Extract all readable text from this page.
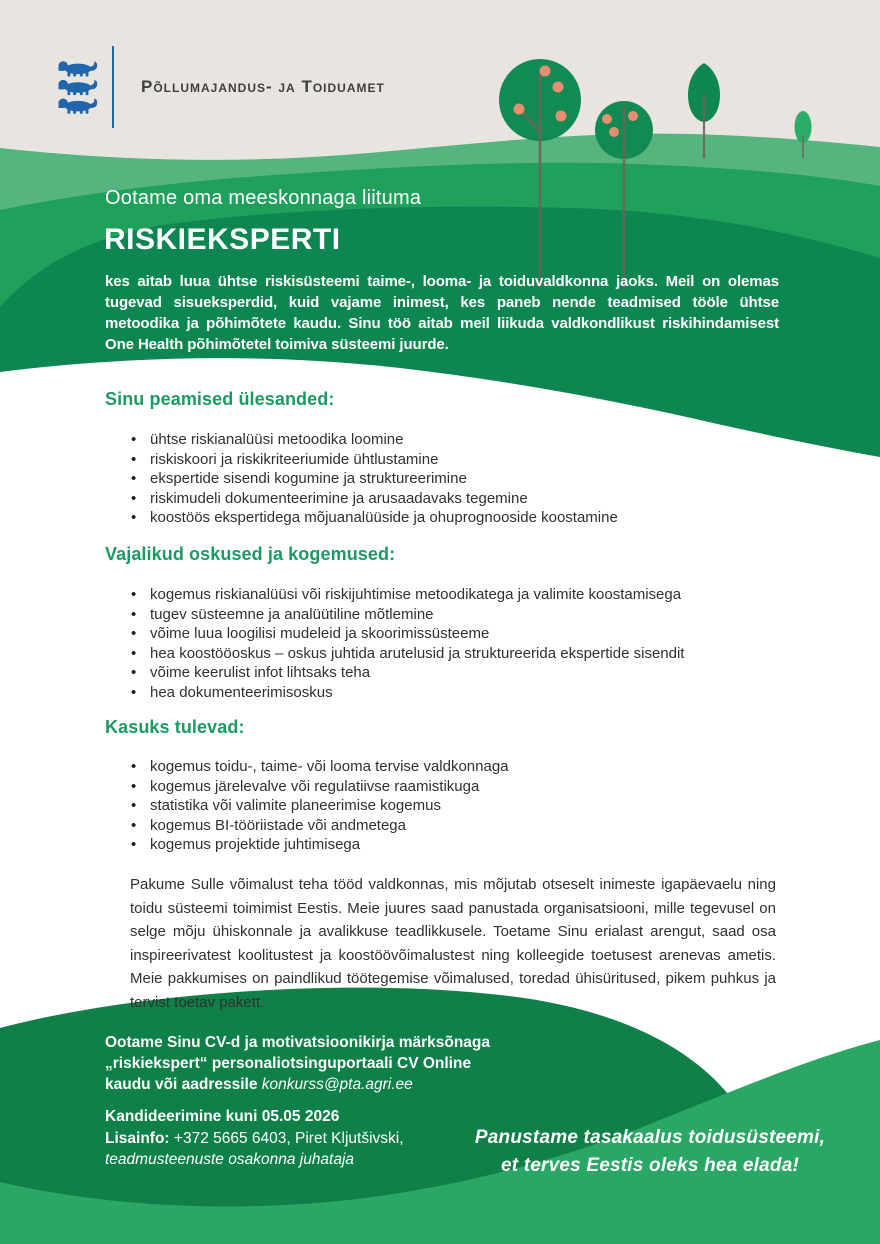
Põllumajandus- ja Toiduamet
Ootame oma meeskonnaga liituma
RISKIEKSPERTI
kes aitab luua ühtse riskisüsteemi taime-, looma- ja toiduvaldkonna jaoks. Meil on olemas tugevad sisueksperdid, kuid vajame inimest, kes paneb nende teadmised tööle ühtse metoodika ja põhimõtete kaudu. Sinu töö aitab meil liikuda valdkondlikust riskihindamisest One Health põhimõtetel toimiva süsteemi juurde.
Sinu peamised ülesanded:
• ühtse riskianalüüsi metoodika loomine
• riskiskoori ja riskikriteeriumide ühtlustamine
• ekspertide sisendi kogumine ja struktureerimine
• riskimudeli dokumenteerimine ja arusaadavaks tegemine
• koostöös ekspertidega mõjuanalüüside ja ohuprognooside koostamine
Vajalikud oskused ja kogemused:
• kogemus riskianalüüsi või riskijuhtimise metoodikatega ja valimite koostamisega
• tugev süsteemne ja analüütiline mõtlemine
• võime luua loogilisi mudeleid ja skoorimissüsteeme
• hea koostööoskus – oskus juhtida arutelusid ja struktureerida ekspertide sisendit
• võime keerulist infot lihtsaks teha
• hea dokumenteerimisoskus
Kasuks tulevad:
• kogemus toidu-, taime- või looma tervise valdkonnaga
• kogemus järelevalve või regulatiivse raamistikuga
• statistika või valimite planeerimise kogemus
• kogemus BI-tööriistade või andmetega
• kogemus projektide juhtimisega
Pakume Sulle võimalust teha tööd valdkonnas, mis mõjutab otseselt inimeste igapäevaelu ning toidu süsteemi toimimist Eestis. Meie juures saad panustada organisatsiooni, mille tegevusel on selge mõju ühiskonnale ja avalikkuse teadlikkusele. Toetame Sinu erialast arengut, saad osa inspireerivatest koolitustest ja koostöövõimalustest ning kolleegide toetusest arenevas ametis. Meie pakkumises on paindlikud töötegemise võimalused, toredad ühisüritused, pikem puhkus ja tervist toetav pakett.
Ootame Sinu CV-d ja motivatsioonikirja märksõnaga
„riskiekspert“ personaliotsinguportaali CV Online
kaudu või aadressile konkurss@pta.agri.ee
Kandideerimine kuni 05.05 2026
Lisainfo: +372 5665 6403, Piret Kljutšivski,
teadmusteenuste osakonna juhataja
Panustame tasakaalus toidusüsteemi,
et terves Eestis oleks hea elada!
